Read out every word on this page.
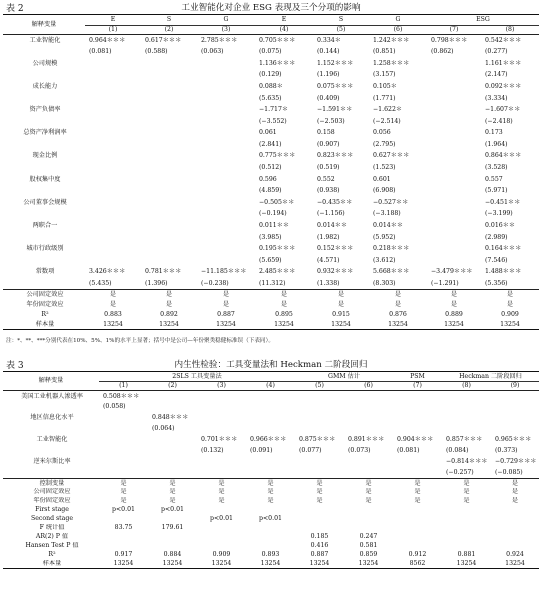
表 2	工业智能化对企业 ESG 表现及三个分项的影响
解释变量	E	S	G	E	S	G	ESG	
	(1)	(2)	(3)	(4)	(5)	(6)	(7)	(8)
工业智能化	0.964＊＊＊	0.617＊＊＊	2.785＊＊＊	0.705＊＊＊	0.334＊	1.242＊＊＊	0.798＊＊＊	0.542＊＊＊
	(0.081)	(0.588)	(0.063)	(0.075)	(0.144)	(0.851)	(0.862)	(0.277)
公司规模				1.136＊＊＊	1.152＊＊＊	1.258＊＊＊		1.161＊＊＊
				(0.129)	(1.196)	(3.157)		(2.147)
成长能力				0.088＊	0.075＊＊＊	0.105＊		0.092＊＊＊
				(5.635)	(0.409)	(1.771)		(3.334)
资产负债率				−1.717＊	−1.591＊＊	−1.622＊		−1.607＊＊
				(−3.552)	(−2.503)	(−2.514)		(−2.418)
总资产净利润率				0.061	0.158	0.056		0.173
				(2.841)	(0.907)	(2.795)		(1.964)
现金比例				0.775＊＊＊	0.823＊＊＊	0.627＊＊＊		0.864＊＊＊
				(0.512)	(0.519)	(1.523)		(3.528)
股权集中度				0.596	0.552	0.601		0.557
				(4.859)	(0.938)	(6.908)		(5.971)
公司董事会规模				−0.505＊＊	−0.435＊＊	−0.527＊＊		−0.451＊＊
				(−0.194)	(−1.156)	(−3.188)		(−3.199)
两职合一				0.011＊＊	0.014＊＊	0.014＊＊		0.016＊＊
				(3.985)	(1.982)	(5.952)		(2.989)
城市行政级别				0.195＊＊＊	0.152＊＊＊	0.218＊＊＊		0.164＊＊＊
				(5.659)	(4.571)	(3.612)		(7.546)
常数项	3.426＊＊＊	0.781＊＊＊	−11.185＊＊＊	2.485＊＊＊	0.932＊＊＊	5.668＊＊＊	−3.479＊＊＊	1.488＊＊＊
	(5.435)	(1.396)	(−0.238)	(11.312)	(1.338)	(8.303)	(−1.291)	(5.356)
公司固定效应	是	是	是	是	是	是	是	是
年份固定效应	是	是	是	是	是	是	是	是
R²	0.883	0.892	0.887	0.895	0.915	0.876	0.889	0.909
样本量	13254	13254	13254	13254	13254	13254	13254	13254
注：*、**、***分别代表在10%、5%、1%的水平上显著；括号中是公司—年份聚类稳健标准误（下表同）。
表 3	内生性检验：工具变量法和 Heckman 二阶段回归
解释变量	2SLS 工具变量法				GMM 估计		PSM	Heckman 二阶段回归	
	(1)	(2)	(3)	(4)	(5)	(6)	(7)	(8)	(9)
美国工业机器人渗透率	0.508＊＊＊								
	(0.058)								
地区信息化水平		0.848＊＊＊							
		(0.064)							
工业智能化			0.701＊＊＊	0.966＊＊＊	0.875＊＊＊	0.891＊＊＊	0.904＊＊＊	0.857＊＊＊	0.965＊＊＊
			(0.132)	(0.091)	(0.077)	(0.073)	(0.081)	(0.084)	(0.373)
逆米尔斯比率								−0.814＊＊＊	−0.729＊＊＊
								(−0.257)	(−0.085)
控制变量	是	是	是	是	是	是	是	是	是
公司固定效应	是	是	是	是	是	是	是	是	是
年份固定效应	是	是	是	是	是	是	是	是	是
First stage	p<0.01	p<0.01							
Second stage			p<0.01	p<0.01					
F 统计值	83.75	179.61							
AR(2) P 值					0.185	0.247			
Hansen Test P 值					0.416	0.581			
R²	0.917	0.884	0.909	0.893	0.887	0.859	0.912	0.881	0.924
样本量	13254	13254	13254	13254	13254	13254	8562	13254	13254
